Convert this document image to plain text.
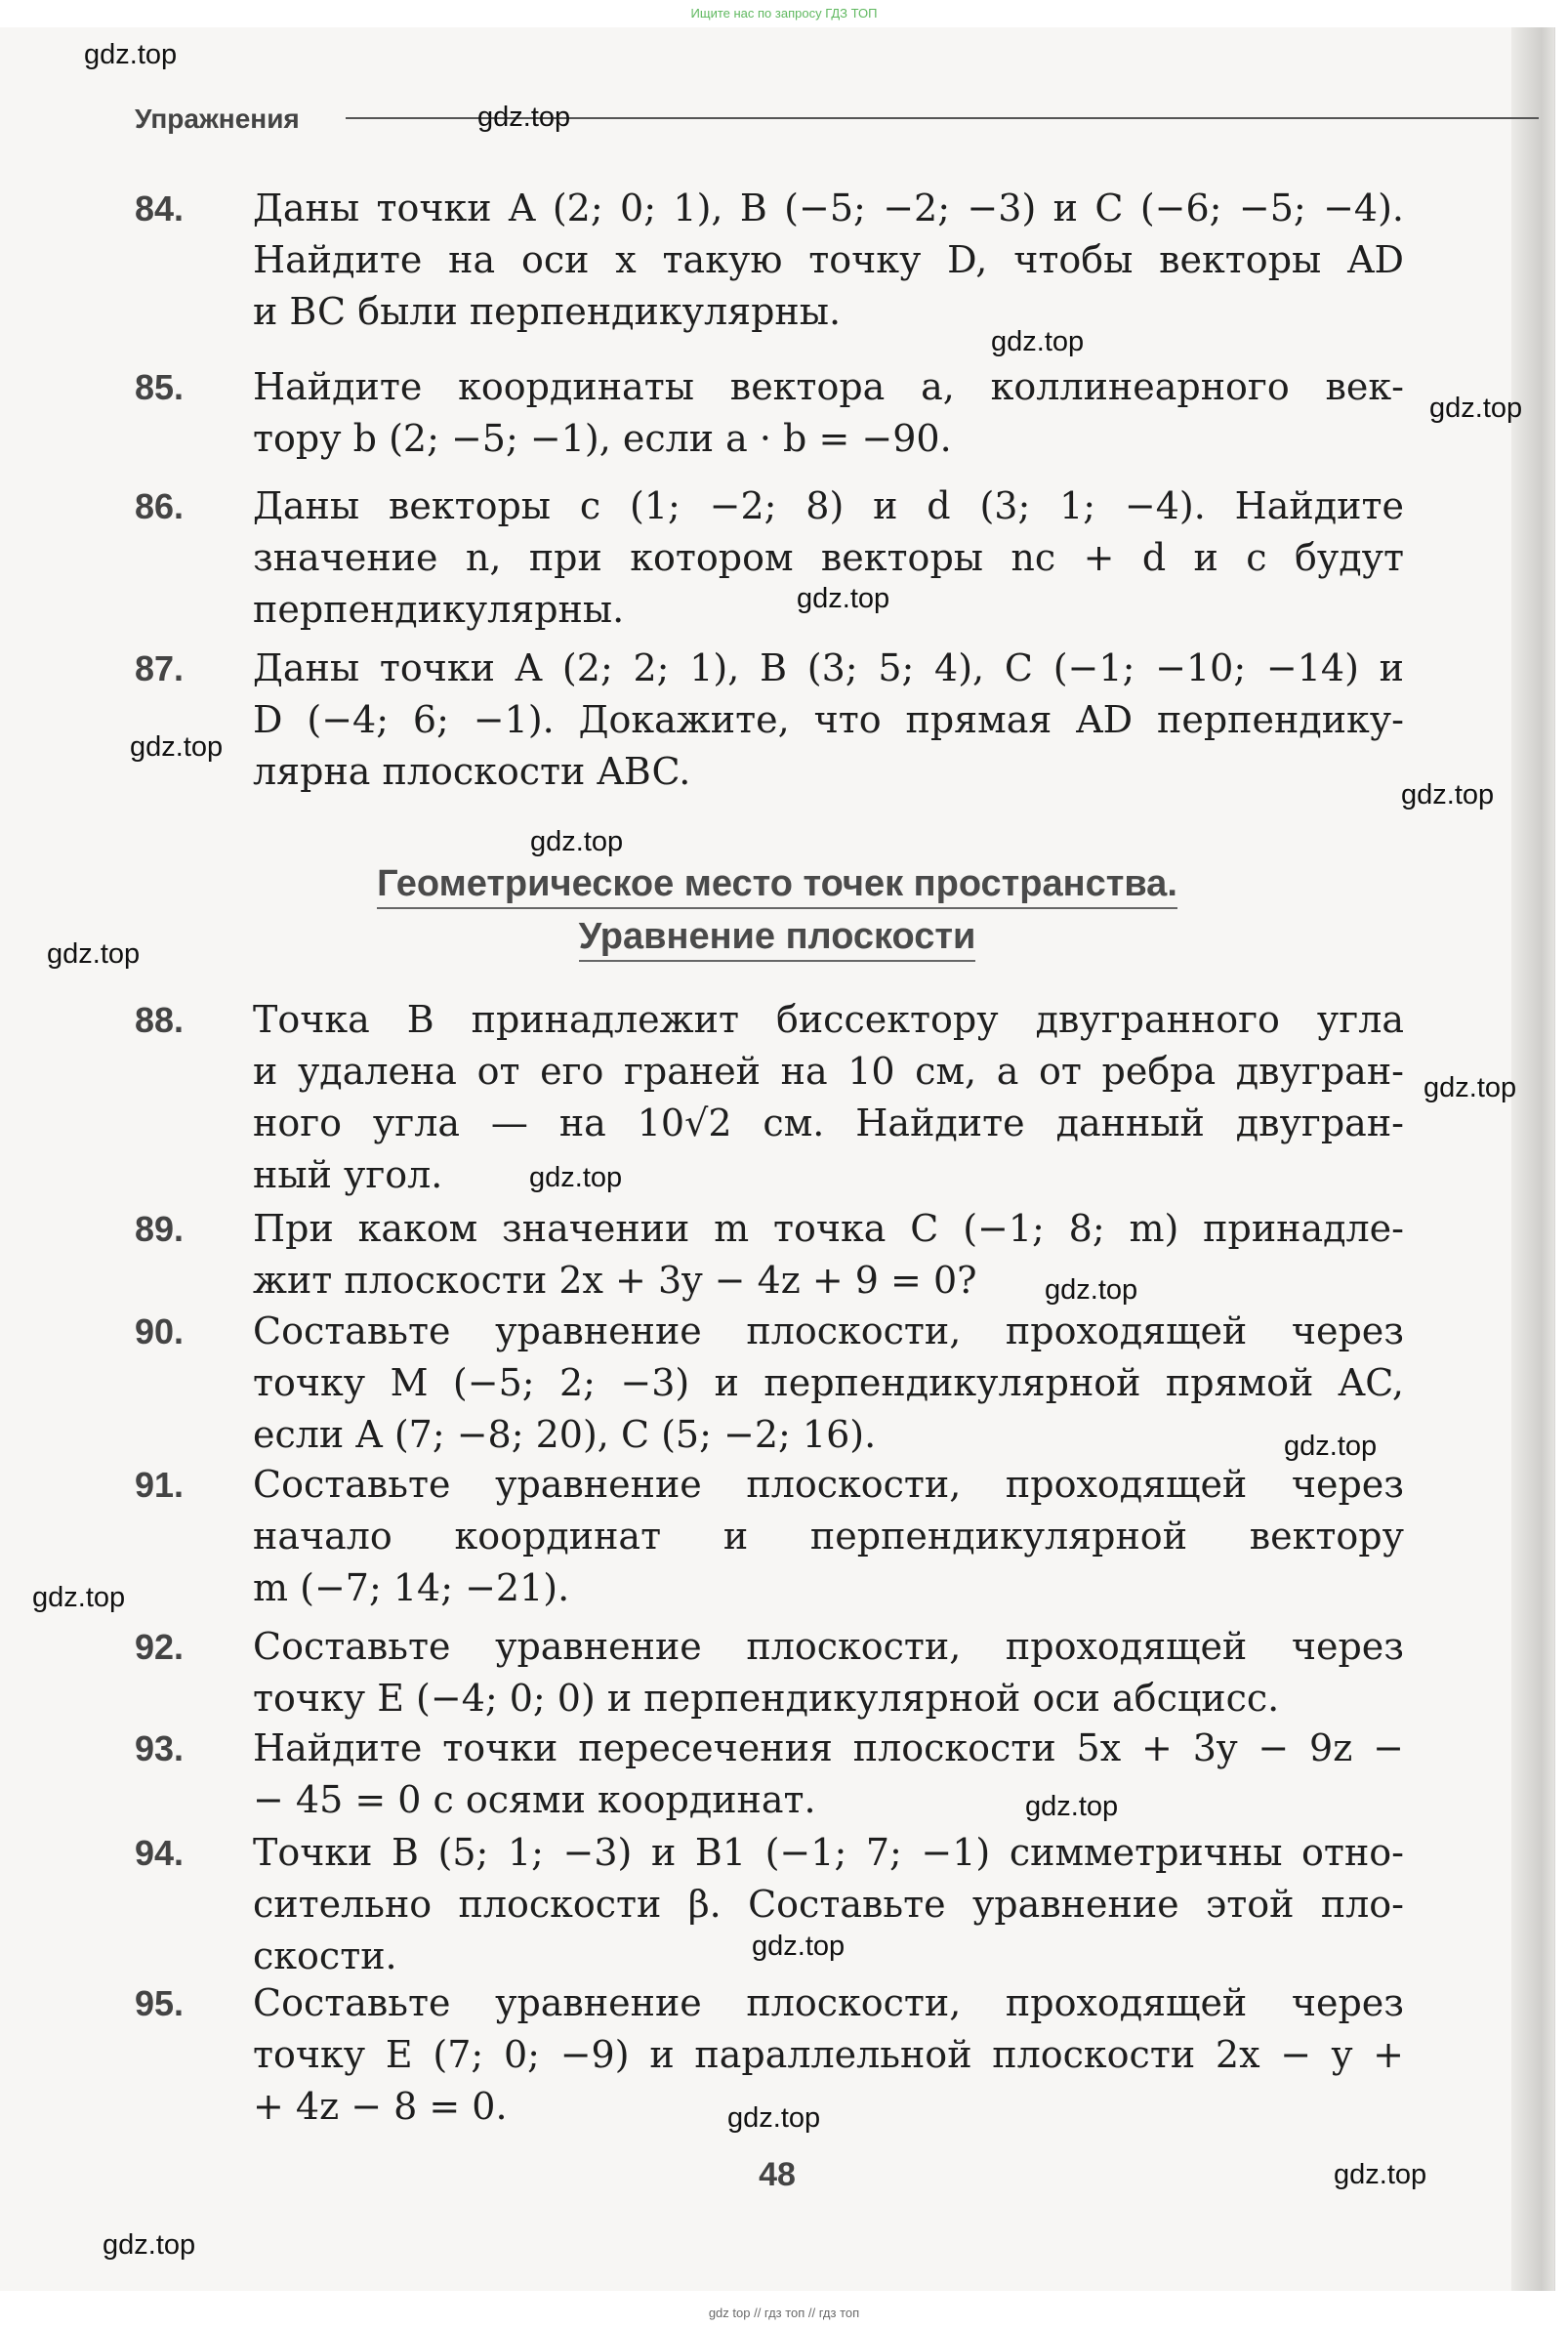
Ищите нас по запросу ГДЗ ТОП
Упражнения
84. Даны точки A (2; 0; 1), B (−5; −2; −3) и C (−6; −5; −4).
Найдите на оси x такую точку D, чтобы векторы AD
и BC были перпендикулярны.
85. Найдите координаты вектора a, коллинеарного век-
тору b (2; −5; −1), если a · b = −90.
86. Даны векторы c (1; −2; 8) и d (3; 1; −4). Найдите
значение n, при котором векторы nc + d и c будут
перпендикулярны.
87. Даны точки A (2; 2; 1), B (3; 5; 4), C (−1; −10; −14) и
D (−4; 6; −1). Докажите, что прямая AD перпендику-
лярна плоскости ABC.
Геометрическое место точек пространства.
Уравнение плоскости
88. Точка B принадлежит биссектору двугранного угла
и удалена от его граней на 10 см, а от ребра двугран-
ного угла — на 10√2 см. Найдите данный двугран-
ный угол.
89. При каком значении m точка C (−1; 8; m) принадле-
жит плоскости 2x + 3y − 4z + 9 = 0?
90. Составьте уравнение плоскости, проходящей через
точку M (−5; 2; −3) и перпендикулярной прямой AC,
если A (7; −8; 20), C (5; −2; 16).
91. Составьте уравнение плоскости, проходящей через
начало координат и перпендикулярной вектору
m (−7; 14; −21).
92. Составьте уравнение плоскости, проходящей через
точку E (−4; 0; 0) и перпендикулярной оси абсцисс.
93. Найдите точки пересечения плоскости 5x + 3y − 9z −
− 45 = 0 с осями координат.
94. Точки B (5; 1; −3) и B1 (−1; 7; −1) симметричны отно-
сительно плоскости β. Составьте уравнение этой пло-
скости.
95. Составьте уравнение плоскости, проходящей через
точку E (7; 0; −9) и параллельной плоскости 2x − y +
+ 4z − 8 = 0.
48
gdz.top
gdz.top
gdz.top
gdz.top
gdz.top
gdz.top
gdz.top
gdz.top
gdz.top
gdz.top
gdz.top
gdz.top
gdz.top
gdz.top
gdz.top
gdz.top
gdz.top
gdz.top
gdz.top
gdz top // гдз топ // гдз топ
